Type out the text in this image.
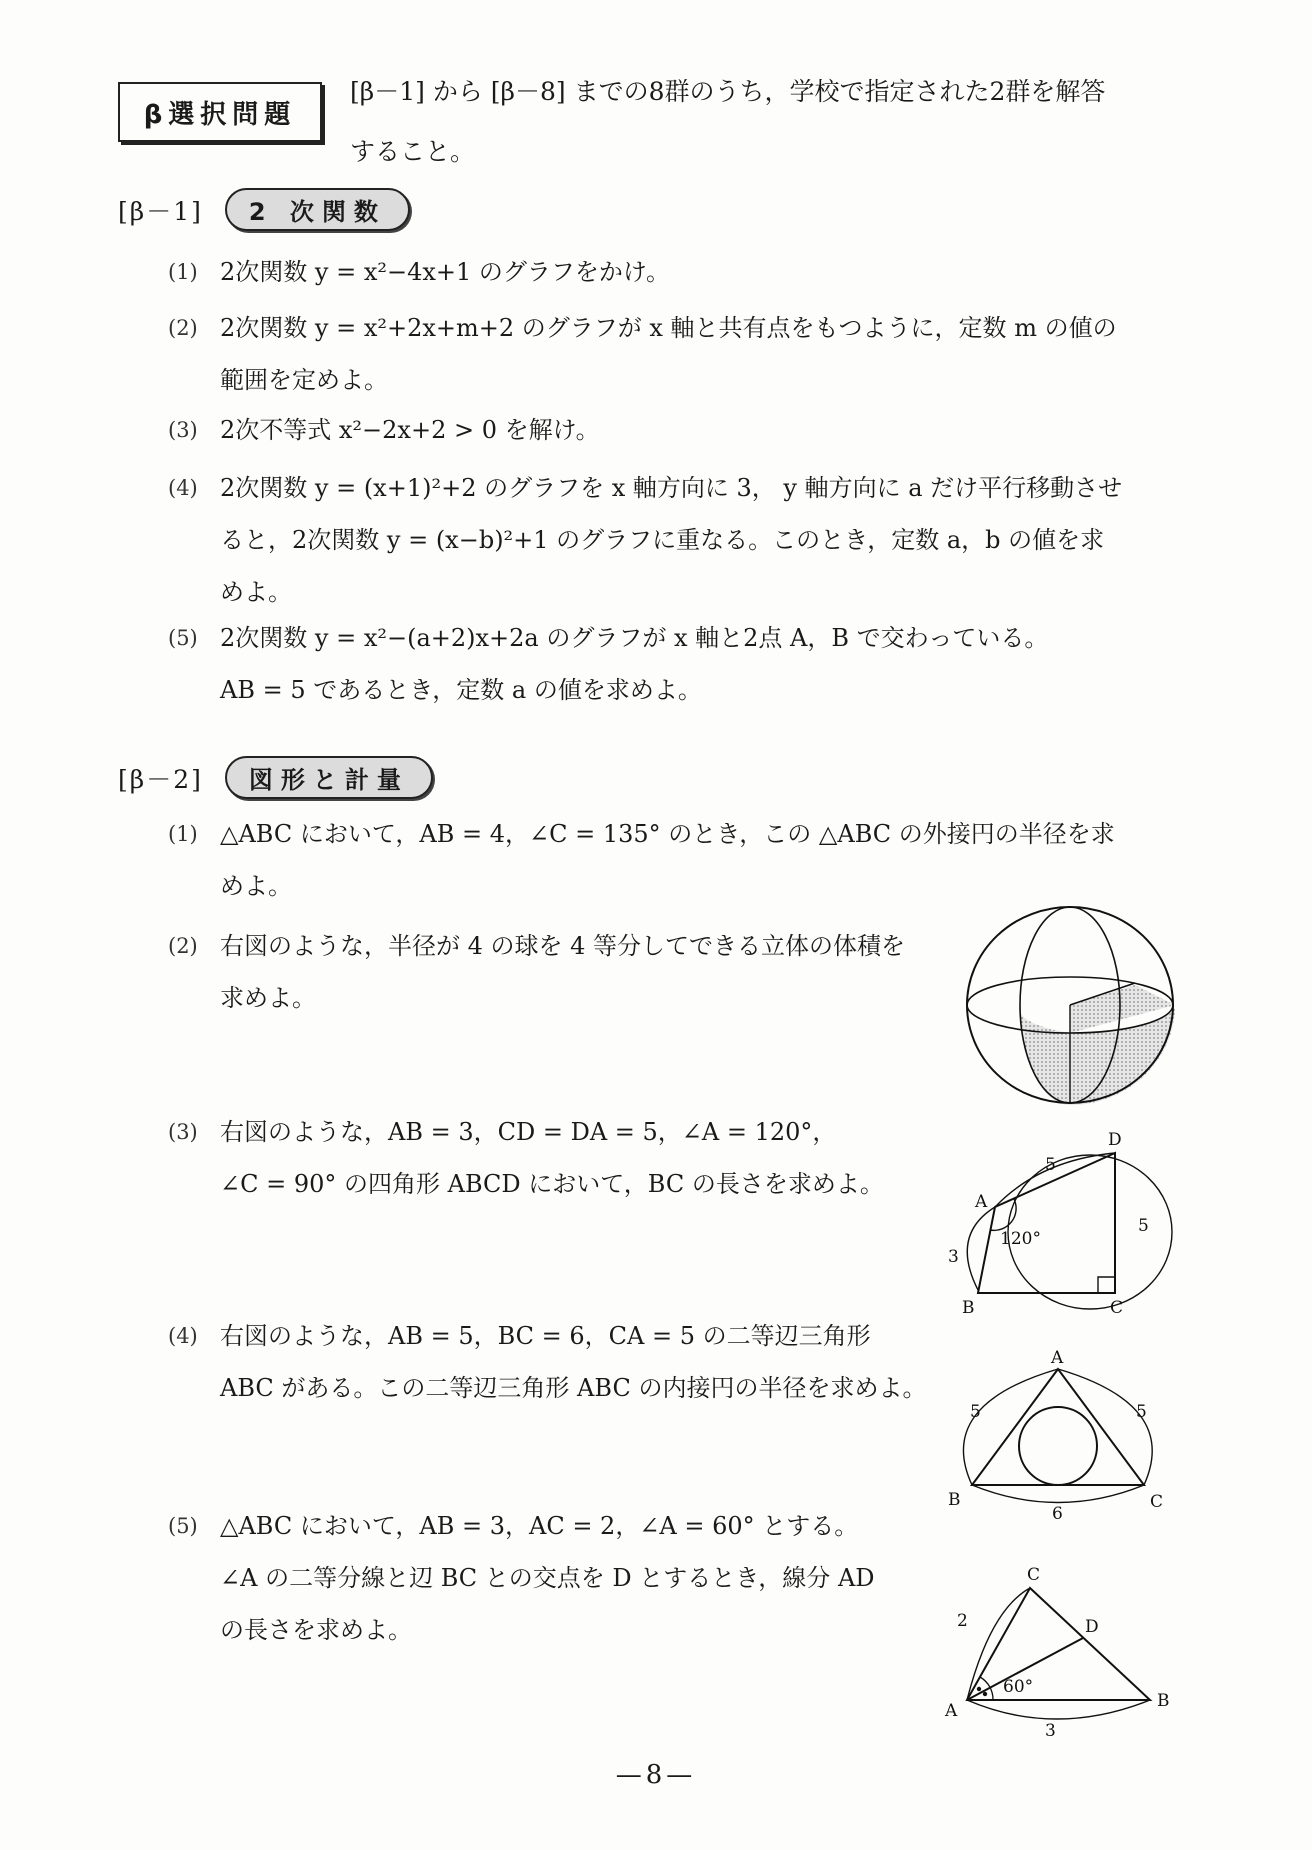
β選択問題
[β－1] から [β－8] までの8群のうち，学校で指定された2群を解答
すること。
[β－1]	2 次関数
(1) 2次関数 y = x²−4x+1 のグラフをかけ。
(2) 2次関数 y = x²+2x+m+2 のグラフが x 軸と共有点をもつように，定数 m の値の
範囲を定めよ。
(3) 2次不等式 x²−2x+2 > 0 を解け。
(4) 2次関数 y = (x+1)²+2 のグラフを x 軸方向に 3， y 軸方向に a だけ平行移動させ
ると，2次関数 y = (x−b)²+1 のグラフに重なる。このとき，定数 a，b の値を求
めよ。
(5) 2次関数 y = x²−(a+2)x+2a のグラフが x 軸と2点 A，B で交わっている。
AB = 5 であるとき，定数 a の値を求めよ。
[β－2]	図形と計量
(1) △ABC において，AB = 4，∠C = 135° のとき，この △ABC の外接円の半径を求
めよ。
(2) 右図のような，半径が 4 の球を 4 等分してできる立体の体積を
求めよ。
(3) 右図のような，AB = 3，CD = DA = 5，∠A = 120°，
∠C = 90° の四角形 ABCD において，BC の長さを求めよ。
(4) 右図のような，AB = 5，BC = 6，CA = 5 の二等辺三角形
ABC がある。この二等辺三角形 ABC の内接円の半径を求めよ。
(5) △ABC において，AB = 3，AC = 2，∠A = 60° とする。
∠A の二等分線と辺 BC との交点を D とするとき，線分 AD
の長さを求めよ。
D
A
B	C
5
5
3
120°
A
B	C
5	5
6
C
D
A	B
2
3
60°
—8—
